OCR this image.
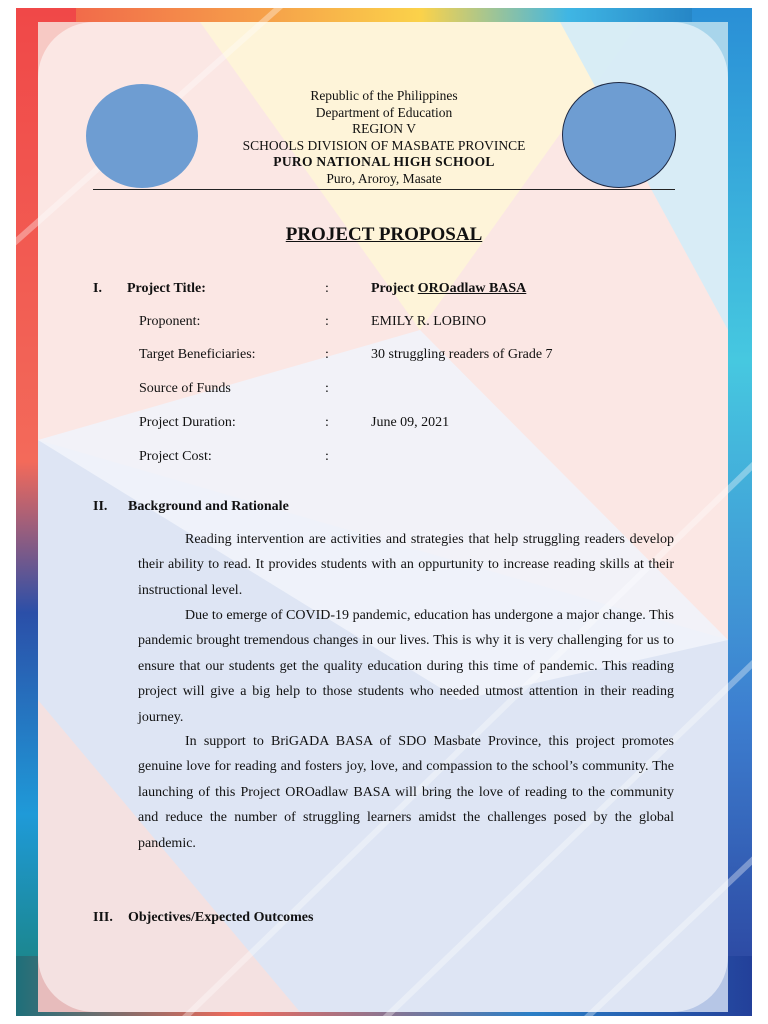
Republic of the Philippines
Department of Education
REGION V
SCHOOLS DIVISION OF MASBATE PROVINCE
PURO NATIONAL HIGH SCHOOL
Puro, Aroroy, Masate
PROJECT PROPOSAL
I. Project Title:	:	Project OROadlaw BASA
Proponent:	:	EMILY R. LOBINO
Target Beneficiaries:	:	30 struggling readers of Grade 7
Source of Funds	:
Project Duration:	:	June 09, 2021
Project Cost:	:
II. Background and Rationale

Reading intervention are activities and strategies that help struggling readers develop their ability to read. It provides students with an oppurtunity to increase reading skills at their instructional level.

Due to emerge of COVID-19 pandemic, education has undergone a major change. This pandemic brought tremendous changes in our lives. This is why it is very challenging for us to ensure that our students get the quality education during this time of pandemic. This reading project will give a big help to those students who needed utmost attention in their reading journey.

In support to BriGADA BASA of SDO Masbate Province, this project promotes genuine love for reading and fosters joy, love, and compassion to the school’s community. The launching of this Project OROadlaw BASA will bring the love of reading to the community and reduce the number of struggling learners amidst the challenges posed by the global pandemic.

III. Objectives/Expected Outcomes
